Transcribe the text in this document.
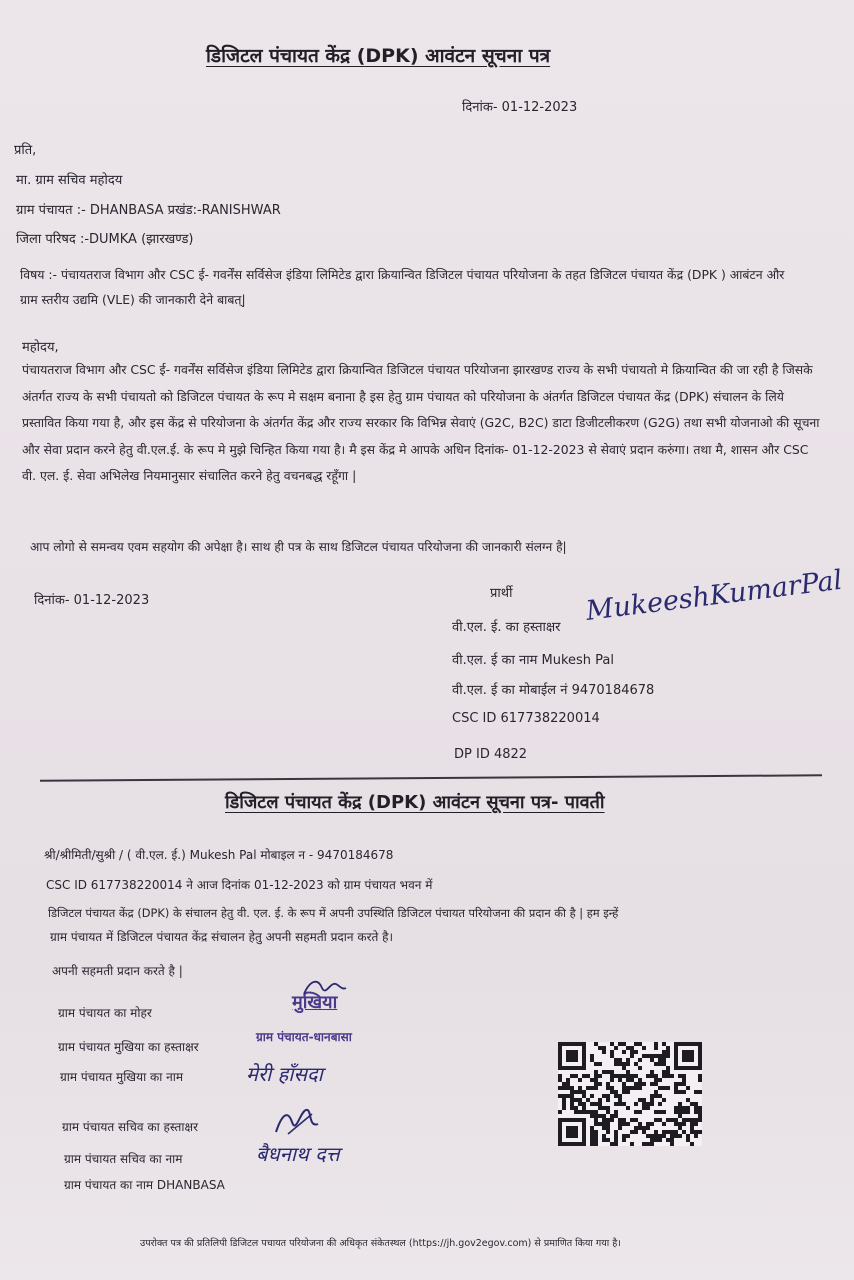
डिजिटल पंचायत केंद्र (DPK) आवंटन सूचना पत्र
दिनांक- 01-12-2023
प्रति,
मा. ग्राम सचिव महोदय
ग्राम पंचायत :- DHANBASA प्रखंड:-RANISHWAR
जिला परिषद :-DUMKA (झारखण्ड)
विषय :- पंचायतराज विभाग और CSC ई- गवर्नेंस सर्विसेज इंडिया लिमिटेड द्वारा क्रियान्वित डिजिटल पंचायत परियोजना के तहत डिजिटल पंचायत केंद्र (DPK ) आबंटन और ग्राम स्तरीय उद्यमि (VLE) की जानकारी देने बाबत्|
महोदय,
पंचायतराज विभाग और CSC ई- गवर्नेंस सर्विसेज इंडिया लिमिटेड द्वारा क्रियान्वित डिजिटल पंचायत परियोजना झारखण्ड राज्य के सभी पंचायतो मे क्रियान्वित की जा रही है जिसके अंतर्गत राज्य के सभी पंचायतो को डिजिटल पंचायत के रूप मे सक्षम बनाना है इस हेतु ग्राम पंचायत को परियोजना के अंतर्गत डिजिटल पंचायत केंद्र (DPK) संचालन के लिये प्रस्तावित किया गया है, और इस केंद्र से परियोजना के अंतर्गत केंद्र और राज्य सरकार कि विभिन्न सेवाएं (G2C, B2C) डाटा डिजीटलीकरण (G2G) तथा सभी योजनाओ की सूचना और सेवा प्रदान करने हेतु वी.एल.ई. के रूप मे मुझे चिन्हित किया गया है। मै इस केंद्र मे आपके अधिन दिनांक- 01-12-2023 से सेवाएं प्रदान करुंगा। तथा मै, शासन और CSC वी. एल. ई. सेवा अभिलेख नियमानुसार संचालित करने हेतु वचनबद्ध रहूँगा |
आप लोगो से समन्वय एवम सहयोग की अपेक्षा है। साथ ही पत्र के साथ डिजिटल पंचायत परियोजना की जानकारी संलग्न है|
दिनांक- 01-12-2023	प्रार्थी
वी.एल. ई. का हस्ताक्षर
MukeeshKumarPal
वी.एल. ई का नाम Mukesh Pal
वी.एल. ई का मोबाईल नं 9470184678
CSC ID 617738220014
DP ID 4822
डिजिटल पंचायत केंद्र (DPK) आवंटन सूचना पत्र- पावती
श्री/श्रीमिती/सुश्री / ( वी.एल. ई.) Mukesh Pal मोबाइल न - 9470184678
CSC ID 617738220014 ने आज दिनांक 01-12-2023 को ग्राम पंचायत भवन में
डिजिटल पंचायत केंद्र (DPK) के संचालन हेतु वी. एल. ई. के रूप में अपनी उपस्थिति डिजिटल पंचायत परियोजना की प्रदान की है | हम इन्हें
ग्राम पंचायत में डिजिटल पंचायत केंद्र संचालन हेतु अपनी सहमती प्रदान करते है।
अपनी सहमती प्रदान करते है |
ग्राम पंचायत का मोहर
ग्राम पंचायत मुखिया का हस्ताक्षर
ग्राम पंचायत मुखिया का नाम
मुखिया
ग्राम पंचायत-धानबासा
मेरी हाँसदा
ग्राम पंचायत सचिव का हस्ताक्षर
ग्राम पंचायत सचिव का नाम	बैधनाथ दत्त
ग्राम पंचायत का नाम DHANBASA
उपरोक्त पत्र की प्रतिलिपी डिजिटल पचायत परियोजना की अधिकृत संकेतस्थल (https://jh.gov2egov.com) से प्रमाणित किया गया है।
